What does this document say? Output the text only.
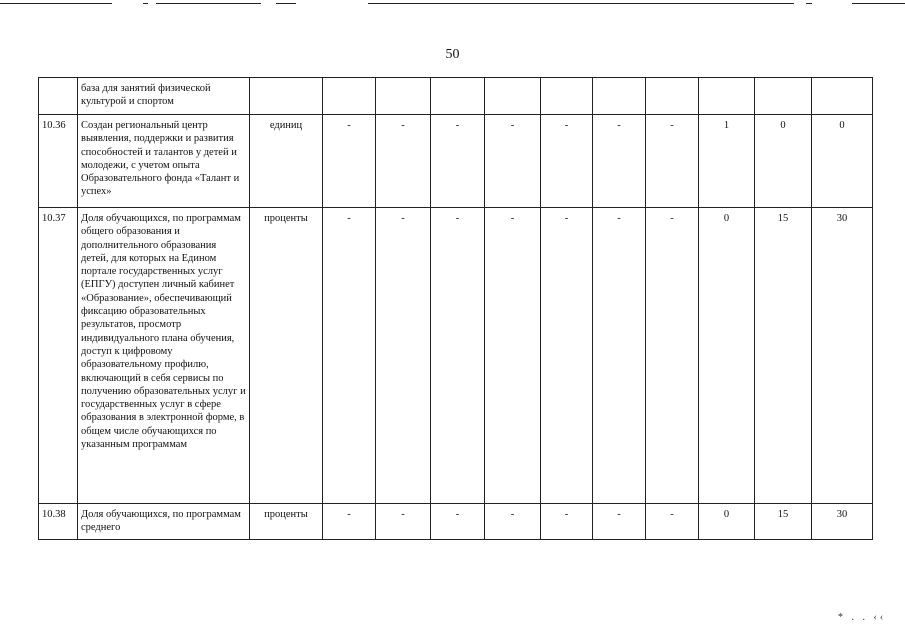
50
	база для занятий физической культурой и спортом											
10.36	Создан региональный центр выявления, поддержки и развития способностей и талантов у детей и молодежи, с учетом опыта Образовательного фонда «Талант и успех»	единиц	-	-	-	-	-	-	-	1	0	0
10.37	Доля обучающихся, по программам общего образования и дополнительного образования детей, для которых на Едином портале государственных услуг (ЕПГУ) доступен личный кабинет «Образование», обеспечивающий фиксацию образовательных результатов, просмотр индивидуального плана обучения, доступ к цифровому образовательному профилю, включающий в себя сервисы по получению образовательных услуг и государственных услуг в сфере образования в электронной форме, в общем числе обучающихся по указанным программам	проценты	-	-	-	-	-	-	-	0	15	30
10.38	Доля обучающихся, по программам среднего	проценты	-	-	-	-	-	-	-	0	15	30
* . . ‹‹
